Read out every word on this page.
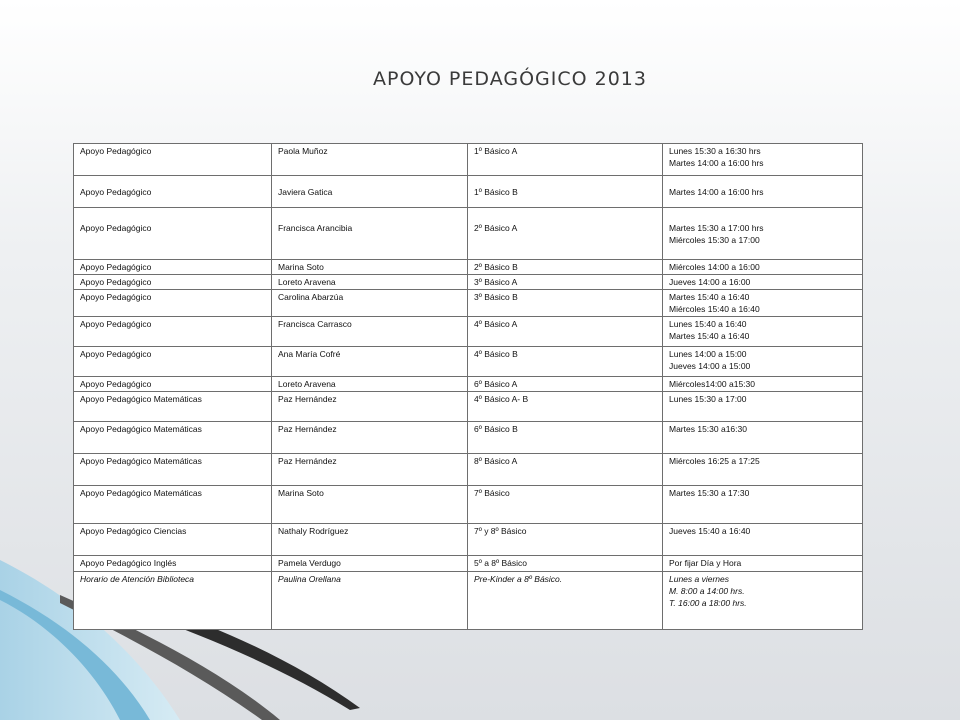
APOYO PEDAGÓGICO 2013
Apoyo Pedagógico	Paola Muñoz	1º Básico A	Lunes 15:30 a 16:30 hrs
Martes 14:00 a 16:00 hrs

Apoyo Pedagógico	Javiera Gatica	1º Básico B	Martes 14:00 a 16:00 hrs
Apoyo Pedagógico	Francisca Arancibia	2º Básico A	Martes 15:30 a 17:00 hrs
Miércoles 15:30 a 17:00

Apoyo Pedagógico	Marina Soto	2º Básico B	Miércoles 14:00 a 16:00
Apoyo Pedagógico	Loreto Aravena	3º Básico A	Jueves 14:00 a 16:00
Apoyo Pedagógico	Carolina Abarzúa	3º Básico B	Martes 15:40 a 16:40
Miércoles 15:40 a 16:40

Apoyo Pedagógico	Francisca Carrasco	4º Básico A	Lunes 15:40 a 16:40
Martes 15:40 a 16:40

Apoyo Pedagógico	Ana María Cofré	4º Básico B	Lunes 14:00 a 15:00
Jueves 14:00 a 15:00

Apoyo Pedagógico	Loreto Aravena	6º Básico A	Miércoles14:00 a15:30
Apoyo Pedagógico Matemáticas	Paz Hernández	4º Básico A- B	Lunes 15:30 a 17:00
Apoyo Pedagógico Matemáticas	Paz Hernández	6º Básico B	Martes 15:30 a16:30
Apoyo Pedagógico Matemáticas	Paz Hernández	8º Básico A	Miércoles 16:25 a 17:25
Apoyo Pedagógico Matemáticas	Marina Soto	7º Básico	Martes 15:30 a 17:30
Apoyo Pedagógico Ciencias	Nathaly Rodríguez	7º y 8º Básico	Jueves 15:40 a 16:40
Apoyo Pedagógico Inglés	Pamela Verdugo	5º a 8º Básico	Por fijar Día y Hora
Horario de Atención Biblioteca	Paulina Orellana	Pre-Kinder a 8º Básico.	Lunes a viernes
M. 8:00 a 14:00 hrs.
T. 16:00 a 18:00 hrs.
